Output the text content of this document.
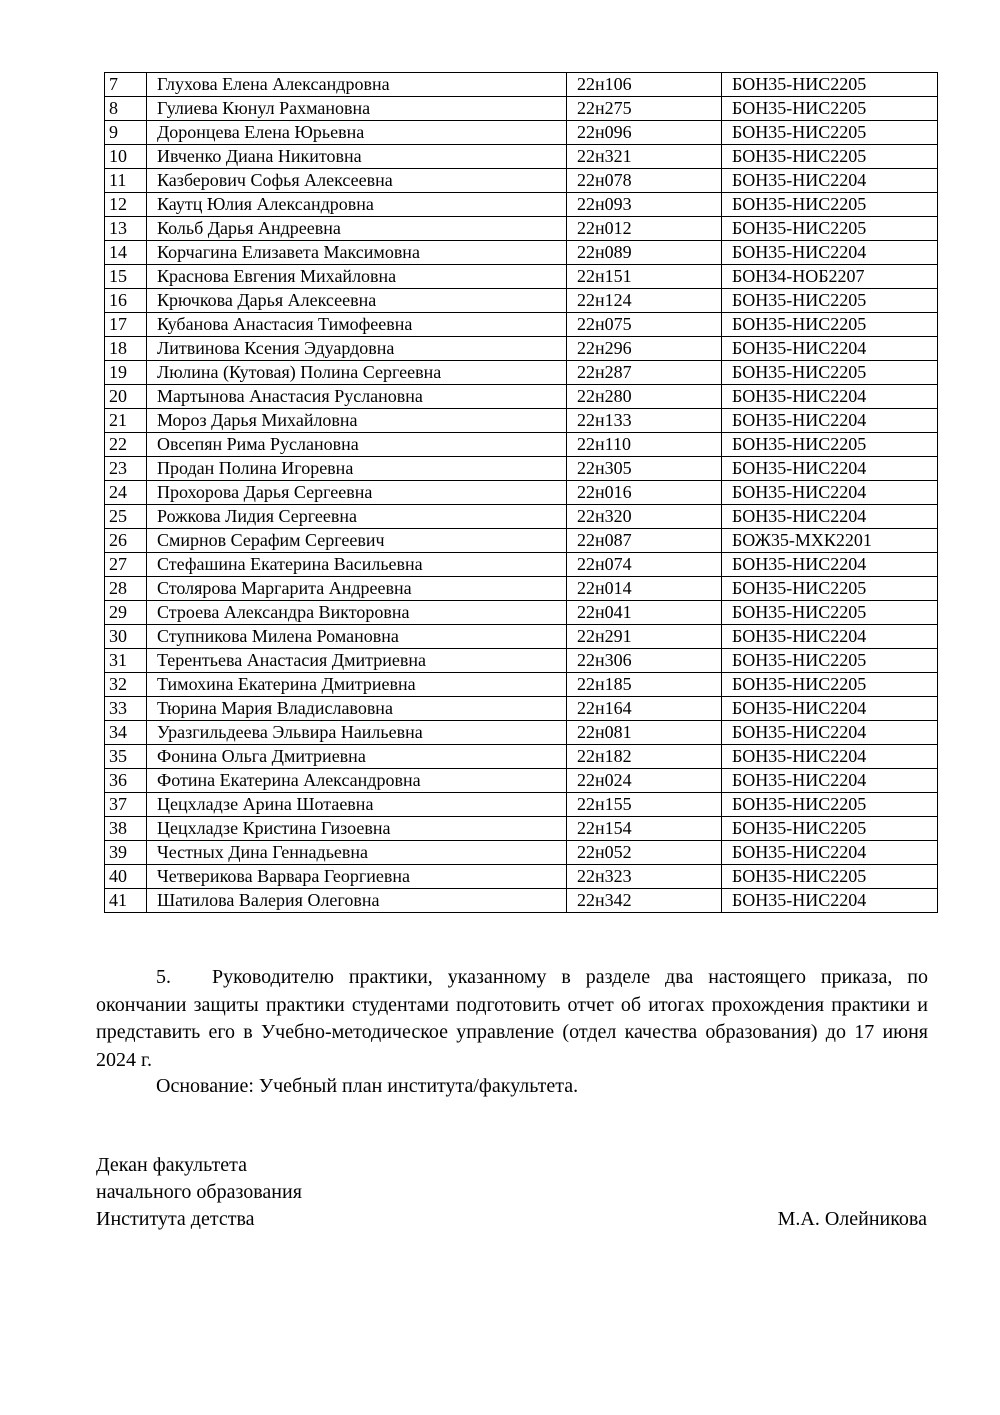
7	Глухова Елена Александровна	22н106	БОН35-НИС2205
8	Гулиева Кюнул Рахмановна	22н275	БОН35-НИС2205
9	Доронцева Елена Юрьевна	22н096	БОН35-НИС2205
10	Ивченко Диана Никитовна	22н321	БОН35-НИС2205
11	Казберович Софья Алексеевна	22н078	БОН35-НИС2204
12	Каутц Юлия Александровна	22н093	БОН35-НИС2205
13	Кольб Дарья Андреевна	22н012	БОН35-НИС2205
14	Корчагина Елизавета Максимовна	22н089	БОН35-НИС2204
15	Краснова Евгения Михайловна	22н151	БОН34-НОБ2207
16	Крючкова Дарья Алексеевна	22н124	БОН35-НИС2205
17	Кубанова Анастасия Тимофеевна	22н075	БОН35-НИС2205
18	Литвинова Ксения Эдуардовна	22н296	БОН35-НИС2204
19	Люлина (Кутовая) Полина Сергеевна	22н287	БОН35-НИС2205
20	Мартынова Анастасия Руслановна	22н280	БОН35-НИС2204
21	Мороз Дарья Михайловна	22н133	БОН35-НИС2204
22	Овсепян Рима Руслановна	22н110	БОН35-НИС2205
23	Продан Полина Игоревна	22н305	БОН35-НИС2204
24	Прохорова Дарья Сергеевна	22н016	БОН35-НИС2204
25	Рожкова Лидия Сергеевна	22н320	БОН35-НИС2204
26	Смирнов Серафим Сергеевич	22н087	БОЖ35-МХК2201
27	Стефашина Екатерина Васильевна	22н074	БОН35-НИС2204
28	Столярова Маргарита Андреевна	22н014	БОН35-НИС2205
29	Строева Александра Викторовна	22н041	БОН35-НИС2205
30	Ступникова Милена Романовна	22н291	БОН35-НИС2204
31	Терентьева Анастасия Дмитриевна	22н306	БОН35-НИС2205
32	Тимохина Екатерина Дмитриевна	22н185	БОН35-НИС2205
33	Тюрина Мария Владиславовна	22н164	БОН35-НИС2204
34	Уразгильдеева Эльвира Наильевна	22н081	БОН35-НИС2204
35	Фонина Ольга Дмитриевна	22н182	БОН35-НИС2204
36	Фотина Екатерина Александровна	22н024	БОН35-НИС2204
37	Цецхладзе Арина Шотаевна	22н155	БОН35-НИС2205
38	Цецхладзе Кристина Гизоевна	22н154	БОН35-НИС2205
39	Честных Дина Геннадьевна	22н052	БОН35-НИС2204
40	Четверикова Варвара Георгиевна	22н323	БОН35-НИС2205
41	Шатилова Валерия Олеговна	22н342	БОН35-НИС2204

5. Руководителю практики, указанному в разделе два настоящего приказа, по окончании защиты практики студентами подготовить отчет об итогах прохождения практики и представить его в Учебно-методическое управление (отдел качества образования) до 17 июня 2024 г.

Основание: Учебный план института/факультета.
Декан факультета
начального образования
Института детства	М.А. Олейникова
